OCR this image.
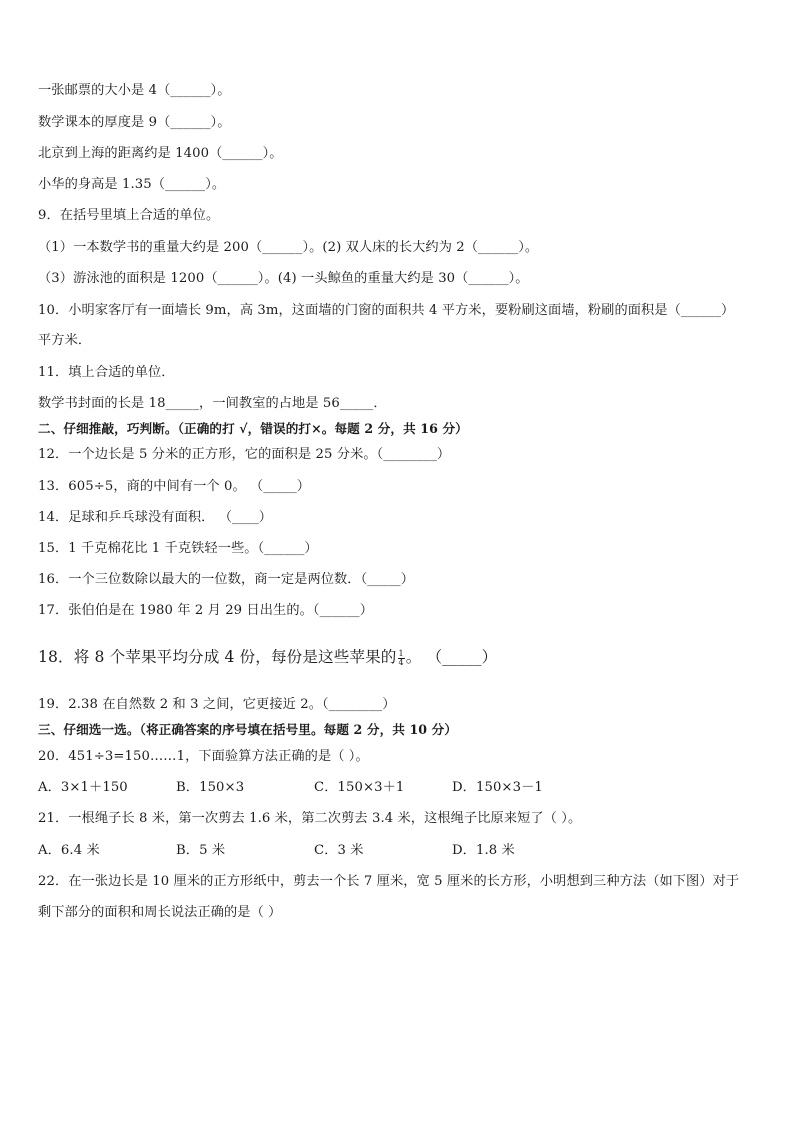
一张邮票的大小是 4（______）。
数学课本的厚度是 9（______）。
北京到上海的距离约是 1400（______）。
小华的身高是 1.35（______）。
9．在括号里填上合适的单位。
（1）一本数学书的重量大约是 200（______）。(2) 双人床的长大约为 2（______）。
（3）游泳池的面积是 1200（______）。(4) 一头鲸鱼的重量大约是 30（______）。
10．小明家客厅有一面墙长 9m，高 3m，这面墙的门窗的面积共 4 平方米，要粉刷这面墙，粉刷的面积是（______）
平方米．
11．填上合适的单位．
数学书封面的长是 18_____，一间教室的占地是 56_____．
二、仔细推敲，巧判断。（正确的打 √，错误的打×。每题 2 分，共 16 分）
12．一个边长是 5 分米的正方形，它的面积是 25 分米。（________）
13．605÷5，商的中间有一个 0。 （_____）
14．足球和乒乓球没有面积． （____）
15．1 千克棉花比 1 千克铁轻一些。（______）
16．一个三位数除以最大的一位数，商一定是两位数．（_____）
17．张伯伯是在 1980 年 2 月 29 日出生的。（______）
18．将 8 个苹果平均分成 4 份，每份是这些苹果的 $\frac{1}{4}$ 。 （_____）
19．2.38 在自然数 2 和 3 之间，它更接近 2。（________）
三、仔细选一选。（将正确答案的序号填在括号里。每题 2 分，共 10 分）
20．451÷3=150……1，下面验算方法正确的是（ ）。
A．3×1＋150	B．150×3	C．150×3＋1	D．150×3－1
21．一根绳子长 8 米，第一次剪去 1.6 米，第二次剪去 3.4 米，这根绳子比原来短了（ ）。
A．6.4 米	B．5 米	C．3 米	D．1.8 米
22．在一张边长是 10 厘米的正方形纸中，剪去一个长 7 厘米，宽 5 厘米的长方形，小明想到三种方法（如下图）对于
剩下部分的面积和周长说法正确的是（ ）
